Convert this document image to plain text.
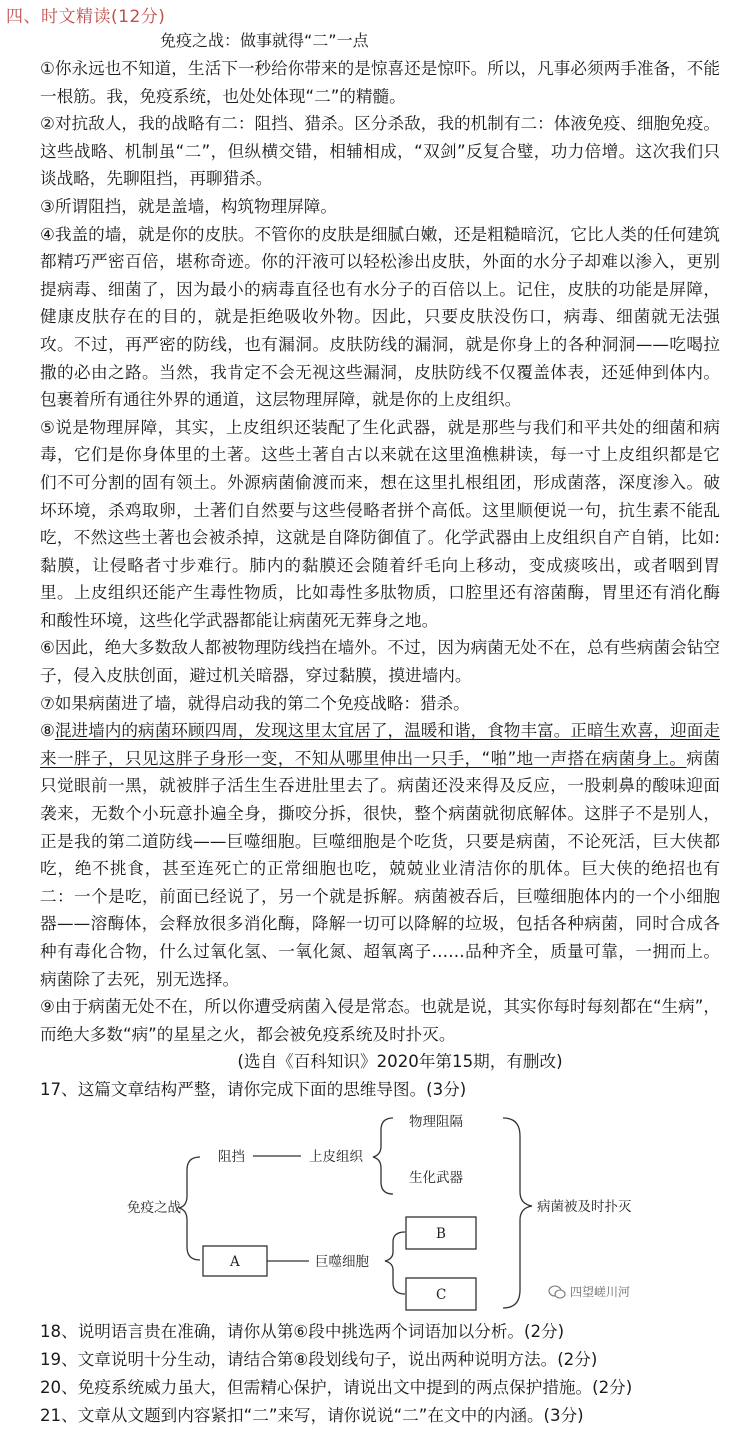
四、时文精读(12分)
免疫之战：做事就得“二”一点

①你永远也不知道，生活下一秒给你带来的是惊喜还是惊吓。所以，凡事必须两手准备，不能一根筋。我，免疫系统，也处处体现“二”的精髓。

②对抗敌人，我的战略有二：阻挡、猎杀。区分杀敌，我的机制有二：体液免疫、细胞免疫。这些战略、机制虽“二”，但纵横交错，相辅相成，“双剑”反复合璧，功力倍增。这次我们只谈战略，先聊阻挡，再聊猎杀。

③所谓阻挡，就是盖墙，构筑物理屏障。

④我盖的墙，就是你的皮肤。不管你的皮肤是细腻白嫩，还是粗糙暗沉，它比人类的任何建筑都精巧严密百倍，堪称奇迹。你的汗液可以轻松渗出皮肤，外面的水分子却难以渗入，更别提病毒、细菌了，因为最小的病毒直径也有水分子的百倍以上。记住，皮肤的功能是屏障，健康皮肤存在的目的，就是拒绝吸收外物。因此，只要皮肤没伤口，病毒、细菌就无法强攻。不过，再严密的防线，也有漏洞。皮肤防线的漏洞，就是你身上的各种洞洞——吃喝拉撒的必由之路。当然，我肯定不会无视这些漏洞，皮肤防线不仅覆盖体表，还延伸到体内。包裹着所有通往外界的通道，这层物理屏障，就是你的上皮组织。

⑤说是物理屏障，其实，上皮组织还装配了生化武器，就是那些与我们和平共处的细菌和病毒，它们是你身体里的土著。这些土著自古以来就在这里渔樵耕读，每一寸上皮组织都是它们不可分割的固有领土。外源病菌偷渡而来，想在这里扎根组团，形成菌落，深度渗入。破坏环境，杀鸡取卵，土著们自然要与这些侵略者拼个高低。这里顺便说一句，抗生素不能乱吃，不然这些土著也会被杀掉，这就是自降防御值了。化学武器由上皮组织自产自销，比如:黏膜，让侵略者寸步难行。肺内的黏膜还会随着纤毛向上移动，变成痰咳出，或者咽到胃里。上皮组织还能产生毒性物质，比如毒性多肽物质，口腔里还有溶菌酶，胃里还有消化酶和酸性环境，这些化学武器都能让病菌死无葬身之地。

⑥因此，绝大多数敌人都被物理防线挡在墙外。不过，因为病菌无处不在，总有些病菌会钻空子，侵入皮肤创面，避过机关暗器，穿过黏膜，摸进墙内。

⑦如果病菌进了墙，就得启动我的第二个免疫战略：猎杀。

⑧混进墙内的病菌环顾四周，发现这里太宜居了，温暖和谐，食物丰富。正暗生欢喜，迎面走来一胖子，只见这胖子身形一变，不知从哪里伸出一只手，“啪”地一声搭在病菌身上。病菌只觉眼前一黑，就被胖子活生生吞进肚里去了。病菌还没来得及反应，一股刺鼻的酸味迎面袭来，无数个小玩意扑遍全身，撕咬分拆，很快，整个病菌就彻底解体。这胖子不是别人，正是我的第二道防线——巨噬细胞。巨噬细胞是个吃货，只要是病菌，不论死活，巨大侠都吃，绝不挑食，甚至连死亡的正常细胞也吃，兢兢业业清洁你的肌体。巨大侠的绝招也有二：一个是吃，前面已经说了，另一个就是拆解。病菌被吞后，巨噬细胞体内的一个小细胞器——溶酶体，会释放很多消化酶，降解一切可以降解的垃圾，包括各种病菌，同时合成各种有毒化合物，什么过氧化氢、一氧化氮、超氧离子……品种齐全，质量可靠，一拥而上。病菌除了去死，别无选择。

⑨由于病菌无处不在，所以你遭受病菌入侵是常态。也就是说，其实你每时每刻都在“生病”，而绝大多数“病”的星星之火，都会被免疫系统及时扑灭。

(选自《百科知识》2020年第15期，有删改)

17、这篇文章结构严整，请你完成下面的思维导图。(3分)
免疫之战
阻挡	上皮组织
物理阻隔
生化武器
A	巨噬细胞
B
C
病菌被及时扑灭
四望嵯川河
18、说明语言贵在准确，请你从第⑥段中挑选两个词语加以分析。(2分)
19、文章说明十分生动，请结合第⑧段划线句子，说出两种说明方法。(2分)
20、免疫系统威力虽大，但需精心保护，请说出文中提到的两点保护措施。(2分)
21、文章从文题到内容紧扣“二”来写，请你说说“二”在文中的内涵。(3分)
